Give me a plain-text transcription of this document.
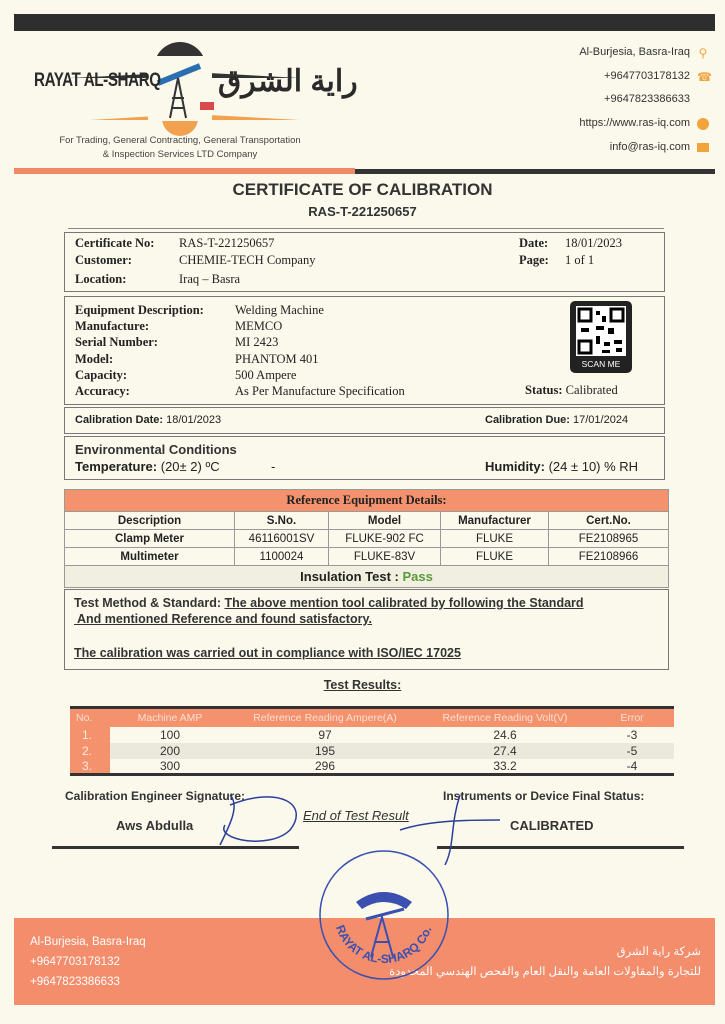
RAYAT AL-SHARQ راية الشرق
For Trading, General Contracting, General Transportation
& Inspection Services LTD Company
Al-Burjesia, Basra-Iraq ⚲
+9647703178132 ☎
+9647823386633
https://www.ras-iq.com
info@ras-iq.com
CERTIFICATE OF CALIBRATION
RAS-T-221250657
Certificate No: RAS-T-221250657
Customer:	CHEMIE-TECH Company
Location:	Iraq – Basra
Date: 18/01/2023
Page: 1 of 1
Equipment Description: Welding Machine
Manufacture:	MEMCO
Serial Number:	MI 2423
Model:	PHANTOM 401
Capacity:	500 Ampere
Accuracy:	As Per Manufacture Specification
SCAN ME
Status: Calibrated
Calibration Date: 18/01/2023	Calibration Due: 17/01/2024
Environmental Conditions
Temperature: (20± 2) ºC	-	Humidity: (24 ± 10) % RH
Reference Equipment Details:				
Description	S.No.	Model	Manufacturer	Cert.No.
Clamp Meter	46116001SV	FLUKE-902 FC	FLUKE	FE2108965
Multimeter	1100024	FLUKE-83V	FLUKE	FE2108966
Insulation Test : Pass				
Test Method & Standard: The above mention tool calibrated by following the Standard
And mentioned Reference and found satisfactory.
The calibration was carried out in compliance with ISO/IEC 17025
Test Results:
No.	Machine AMP	Reference Reading Ampere(A)	Reference Reading Volt(V)	Error
1.	100	97	24.6	-3
2.	200	195	27.4	-5
3.	300	296	33.2	-4
Calibration Engineer Signature:
Aws Abdulla
End of Test Result
Instruments or Device Final Status:
CALIBRATED
Al-Burjesia, Basra-Iraq
+9647703178132
+9647823386633
شركة راية الشرق
للتجارة والمقاولات العامة والنقل العام والفحص الهندسي المحدودة
RAYAT AL-SHARQ Co.
